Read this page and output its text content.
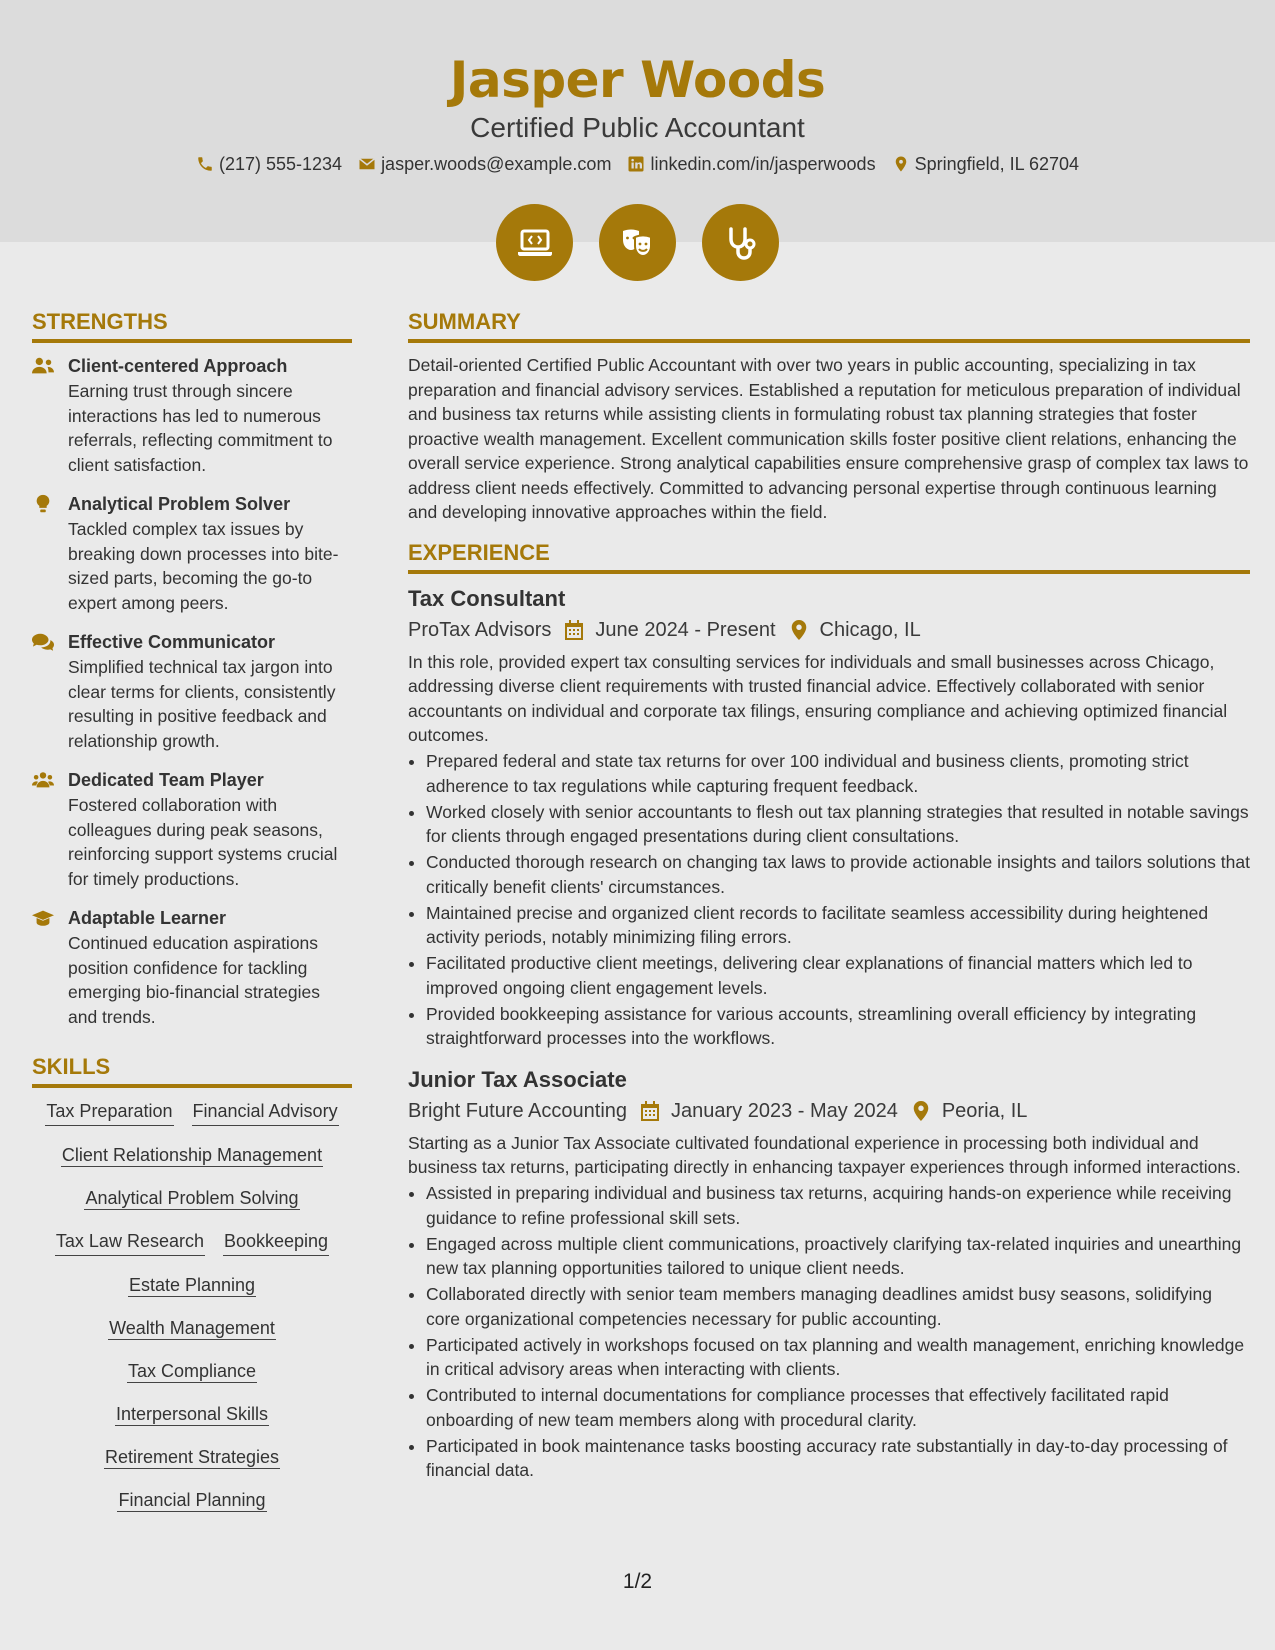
Jasper Woods
Certified Public Accountant
(217) 555-1234 jasper.woods@example.com linkedin.com/in/jasperwoods Springfield, IL 62704
STRENGTHS
Client-centered Approach
Earning trust through sincere interactions has led to numerous referrals, reflecting commitment to client satisfaction.
Analytical Problem Solver
Tackled complex tax issues by breaking down processes into bite-sized parts, becoming the go-to expert among peers.
Effective Communicator
Simplified technical tax jargon into clear terms for clients, consistently resulting in positive feedback and relationship growth.
Dedicated Team Player
Fostered collaboration with colleagues during peak seasons, reinforcing support systems crucial for timely productions.
Adaptable Learner
Continued education aspirations position confidence for tackling emerging bio-financial strategies and trends.
SKILLS
Tax Preparation Financial Advisory
Client Relationship Management
Analytical Problem Solving
Tax Law Research Bookkeeping
Estate Planning
Wealth Management
Tax Compliance
Interpersonal Skills
Retirement Strategies
Financial Planning
SUMMARY
Detail-oriented Certified Public Accountant with over two years in public accounting, specializing in tax preparation and financial advisory services. Established a reputation for meticulous preparation of individual and business tax returns while assisting clients in formulating robust tax planning strategies that foster proactive wealth management. Excellent communication skills foster positive client relations, enhancing the overall service experience. Strong analytical capabilities ensure comprehensive grasp of complex tax laws to address client needs effectively. Committed to advancing personal expertise through continuous learning and developing innovative approaches within the field.
EXPERIENCE
Tax Consultant
ProTax Advisors June 2024 - Present Chicago, IL
In this role, provided expert tax consulting services for individuals and small businesses across Chicago, addressing diverse client requirements with trusted financial advice. Effectively collaborated with senior accountants on individual and corporate tax filings, ensuring compliance and achieving optimized financial outcomes.
• Prepared federal and state tax returns for over 100 individual and business clients, promoting strict adherence to tax regulations while capturing frequent feedback.
• Worked closely with senior accountants to flesh out tax planning strategies that resulted in notable savings for clients through engaged presentations during client consultations.
• Conducted thorough research on changing tax laws to provide actionable insights and tailors solutions that critically benefit clients' circumstances.
• Maintained precise and organized client records to facilitate seamless accessibility during heightened activity periods, notably minimizing filing errors.
• Facilitated productive client meetings, delivering clear explanations of financial matters which led to improved ongoing client engagement levels.
• Provided bookkeeping assistance for various accounts, streamlining overall efficiency by integrating straightforward processes into the workflows.
Junior Tax Associate
Bright Future Accounting January 2023 - May 2024 Peoria, IL
Starting as a Junior Tax Associate cultivated foundational experience in processing both individual and business tax returns, participating directly in enhancing taxpayer experiences through informed interactions.
• Assisted in preparing individual and business tax returns, acquiring hands-on experience while receiving guidance to refine professional skill sets.
• Engaged across multiple client communications, proactively clarifying tax-related inquiries and unearthing new tax planning opportunities tailored to unique client needs.
• Collaborated directly with senior team members managing deadlines amidst busy seasons, solidifying core organizational competencies necessary for public accounting.
• Participated actively in workshops focused on tax planning and wealth management, enriching knowledge in critical advisory areas when interacting with clients.
• Contributed to internal documentations for compliance processes that effectively facilitated rapid onboarding of new team members along with procedural clarity.
• Participated in book maintenance tasks boosting accuracy rate substantially in day-to-day processing of financial data.
1/2
